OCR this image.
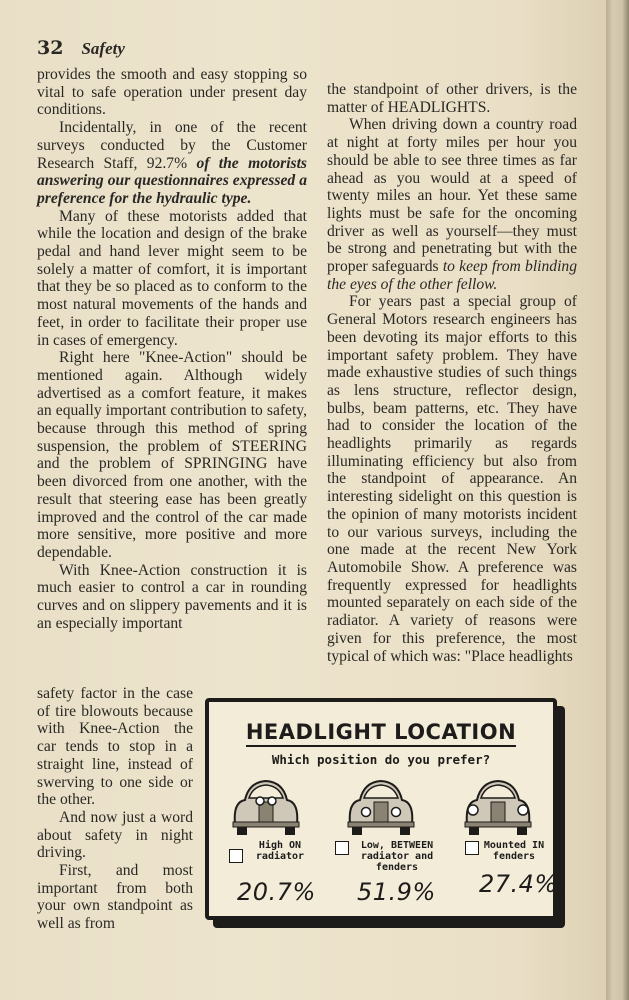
32 Safety

provides the smooth and easy stopping so vital to safe operation under present day conditions.

Incidentally, in one of the recent surveys conducted by the Customer Research Staff, 92.7% of the motorists answering our questionnaires expressed a preference for the hydraulic type.

Many of these motorists added that while the location and design of the brake pedal and hand lever might seem to be solely a matter of comfort, it is important that they be so placed as to conform to the most natural movements of the hands and feet, in order to facilitate their proper use in cases of emergency.

Right here "Knee-Action" should be mentioned again. Although widely advertised as a comfort feature, it makes an equally important contribution to safety, because through this method of spring suspension, the problem of STEERING and the problem of SPRINGING have been divorced from one another, with the result that steering ease has been greatly improved and the control of the car made more sensitive, more positive and more dependable.

With Knee-Action construction it is much easier to control a car in rounding curves and on slippery pavements and it is an especially important

safety factor in the case of tire blowouts because with Knee-Action the car tends to stop in a straight line, instead of swerving to one side or the other.

And now just a word about safety in night driving.

First, and most important from both your own standpoint as well as from

the standpoint of other drivers, is the matter of HEADLIGHTS.

When driving down a country road at night at forty miles per hour you should be able to see three times as far ahead as you would at a speed of twenty miles an hour. Yet these same lights must be safe for the oncoming driver as well as yourself—they must be strong and penetrating but with the proper safeguards to keep from blinding the eyes of the other fellow.

For years past a special group of General Motors research engineers has been devoting its major efforts to this important safety problem. They have made exhaustive studies of such things as lens structure, reflector design, bulbs, beam patterns, etc. They have had to consider the location of the headlights primarily as regards illuminating efficiency but also from the standpoint of appearance. An interesting sidelight on this question is the opinion of many motorists incident to our various surveys, including the one made at the recent New York Automobile Show. A preference was frequently expressed for headlights mounted separately on each side of the radiator. A variety of reasons were given for this preference, the most typical of which was: "Place headlights

HEADLIGHT LOCATION
Which position do you prefer?
High ON
radiator
20.7%
Low, BETWEEN
radiator and
fenders
51.9%
Mounted IN
fenders
27.4%
